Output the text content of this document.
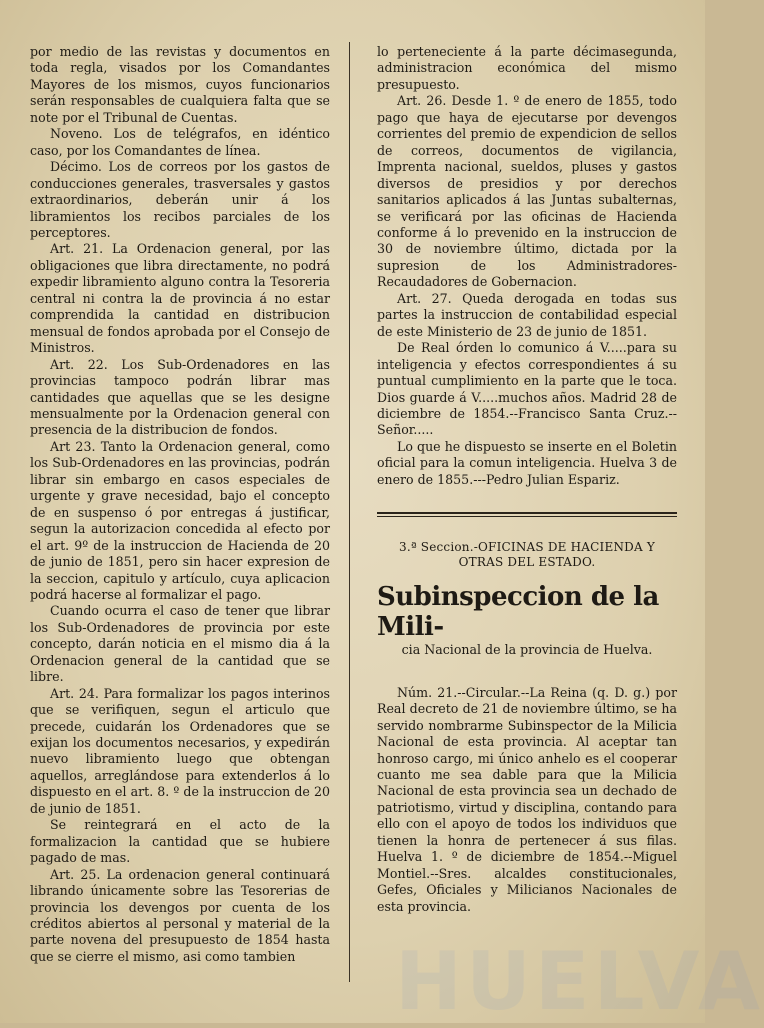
por medio de las revistas y documentos en toda regla, visados por los Comandantes Mayores de los mismos, cuyos funcionarios serán responsables de cualquiera falta que se note por el Tribunal de Cuentas.

Noveno. Los de telégrafos, en idéntico caso, por los Comandantes de línea.

Décimo. Los de correos por los gastos de conducciones generales, trasversales y gastos extraordinarios, deberán unir á los libramientos los recibos parciales de los perceptores.

Art. 21. La Ordenacion general, por las obligaciones que libra directamente, no podrá expedir libramiento alguno contra la Tesoreria central ni contra la de provincia á no estar comprendida la cantidad en distribucion mensual de fondos aprobada por el Consejo de Ministros.

Art. 22. Los Sub-Ordenadores en las provincias tampoco podrán librar mas cantidades que aquellas que se les designe mensualmente por la Ordenacion general con presencia de la distribucion de fondos.

Art 23. Tanto la Ordenacion general, como los Sub-Ordenadores en las provincias, podrán librar sin embargo en casos especiales de urgente y grave necesidad, bajo el concepto de en suspenso ó por entregas á justificar, segun la autorizacion concedida al efecto por el art. 9º de la instruccion de Hacienda de 20 de junio de 1851, pero sin hacer expresion de la seccion, capitulo y artículo, cuya aplicacion podrá hacerse al formalizar el pago.

Cuando ocurra el caso de tener que librar los Sub-Ordenadores de provincia por este concepto, darán noticia en el mismo dia á la Ordenacion general de la cantidad que se libre.

Art. 24. Para formalizar los pagos interinos que se verifiquen, segun el articulo que precede, cuidarán los Ordenadores que se exijan los documentos necesarios, y expedirán nuevo libramiento luego que obtengan aquellos, arreglándose para extenderlos á lo dispuesto en el art. 8. º de la instruccion de 20 de junio de 1851.

Se reintegrará en el acto de la formalizacion la cantidad que se hubiere pagado de mas.

Art. 25. La ordenacion general continuará librando únicamente sobre las Tesorerias de provincia los devengos por cuenta de los créditos abiertos al personal y material de la parte novena del presupuesto de 1854 hasta que se cierre el mismo, asi como tambien

lo perteneciente á la parte décimasegunda, administracion económica del mismo presupuesto.

Art. 26. Desde 1. º de enero de 1855, todo pago que haya de ejecutarse por devengos corrientes del premio de expendicion de sellos de correos, documentos de vigilancia, Imprenta nacional, sueldos, pluses y gastos diversos de presidios y por derechos sanitarios aplicados á las Juntas subalternas, se verificará por las oficinas de Hacienda conforme á lo prevenido en la instruccion de 30 de noviembre último, dictada por la supresion de los Administradores-Recaudadores de Gobernacion.

Art. 27. Queda derogada en todas sus partes la instruccion de contabilidad especial de este Ministerio de 23 de junio de 1851.

De Real órden lo comunico á V.....para su inteligencia y efectos correspondientes á su puntual cumplimiento en la parte que le toca. Dios guarde á V.....muchos años. Madrid 28 de diciembre de 1854.--Francisco Santa Cruz.--Señor.....

Lo que he dispuesto se inserte en el Boletin oficial para la comun inteligencia. Huelva 3 de enero de 1855.---Pedro Julian Espariz.

3.ª Seccion.-OFICINAS DE HACIENDA Y OTRAS DEL ESTADO.
Subinspeccion de la Mili-
cia Nacional de la provincia de Huelva.

Núm. 21.--Circular.--La Reina (q. D. g.) por Real decreto de 21 de noviembre último, se ha servido nombrarme Subinspector de la Milicia Nacional de esta provincia. Al aceptar tan honroso cargo, mi único anhelo es el cooperar cuanto me sea dable para que la Milicia Nacional de esta provincia sea un dechado de patriotismo, virtud y disciplina, contando para ello con el apoyo de todos los individuos que tienen la honra de pertenecer á sus filas. Huelva 1. º de diciembre de 1854.--Miguel Montiel.--Sres. alcaldes constitucionales, Gefes, Oficiales y Milicianos Nacionales de esta provincia.

HUELVA
